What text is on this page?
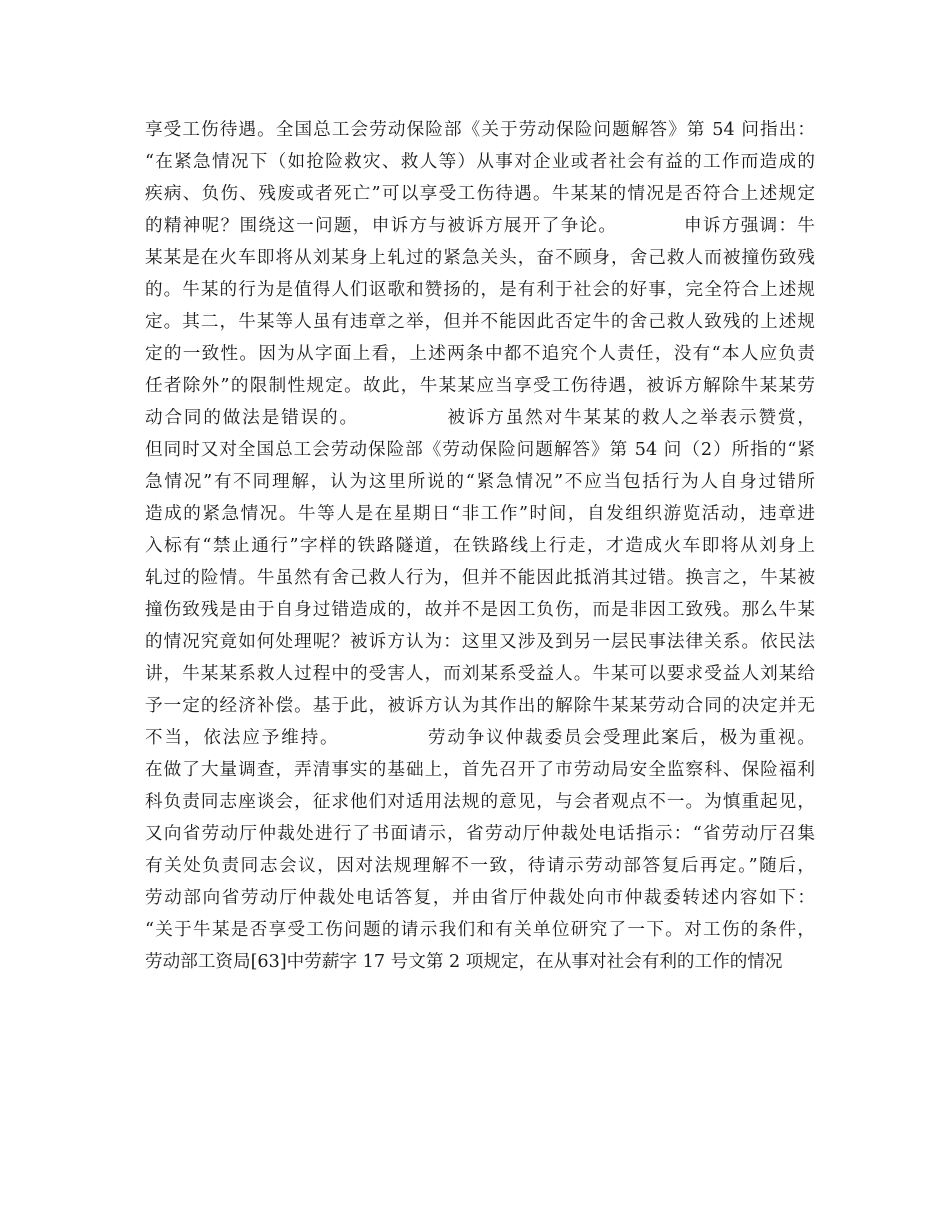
享受工伤待遇。全国总工会劳动保险部《关于劳动保险问题解答》第 54 问指出：
“在紧急情况下（如抢险救灾、救人等）从事对企业或者社会有益的工作而造成的
疾病、负伤、残废或者死亡”可以享受工伤待遇。牛某某的情况是否符合上述规定
的精神呢？围绕这一问题，申诉方与被诉方展开了争论。　　　　申诉方强调：牛
某某是在火车即将从刘某身上轧过的紧急关头，奋不顾身，舍己救人而被撞伤致残
的。牛某的行为是值得人们讴歌和赞扬的，是有利于社会的好事，完全符合上述规
定。其二，牛某等人虽有违章之举，但并不能因此否定牛的舍己救人致残的上述规
定的一致性。因为从字面上看，上述两条中都不追究个人责任，没有“本人应负责
任者除外”的限制性规定。故此，牛某某应当享受工伤待遇，被诉方解除牛某某劳
动合同的做法是错误的。　　　　　被诉方虽然对牛某某的救人之举表示赞赏，
但同时又对全国总工会劳动保险部《劳动保险问题解答》第 54 问（2）所指的“紧
急情况”有不同理解，认为这里所说的“紧急情况”不应当包括行为人自身过错所
造成的紧急情况。牛等人是在星期日“非工作”时间，自发组织游览活动，违章进
入标有“禁止通行”字样的铁路隧道，在铁路线上行走，才造成火车即将从刘身上
轧过的险情。牛虽然有舍己救人行为，但并不能因此抵消其过错。换言之，牛某被
撞伤致残是由于自身过错造成的，故并不是因工负伤，而是非因工致残。那么牛某
的情况究竟如何处理呢？被诉方认为：这里又涉及到另一层民事法律关系。依民法
讲，牛某某系救人过程中的受害人，而刘某系受益人。牛某可以要求受益人刘某给
予一定的经济补偿。基于此，被诉方认为其作出的解除牛某某劳动合同的决定并无
不当，依法应予维持。　　　　　劳动争议仲裁委员会受理此案后，极为重视。
在做了大量调查，弄清事实的基础上，首先召开了市劳动局安全监察科、保险福利
科负责同志座谈会，征求他们对适用法规的意见，与会者观点不一。为慎重起见，
又向省劳动厅仲裁处进行了书面请示，省劳动厅仲裁处电话指示：“省劳动厅召集
有关处负责同志会议，因对法规理解不一致，待请示劳动部答复后再定。”随后，
劳动部向省劳动厅仲裁处电话答复，并由省厅仲裁处向市仲裁委转述内容如下：
“关于牛某是否享受工伤问题的请示我们和有关单位研究了一下。对工伤的条件，
劳动部工资局[63]中劳薪字 17 号文第 2 项规定，在从事对社会有利的工作的情况
